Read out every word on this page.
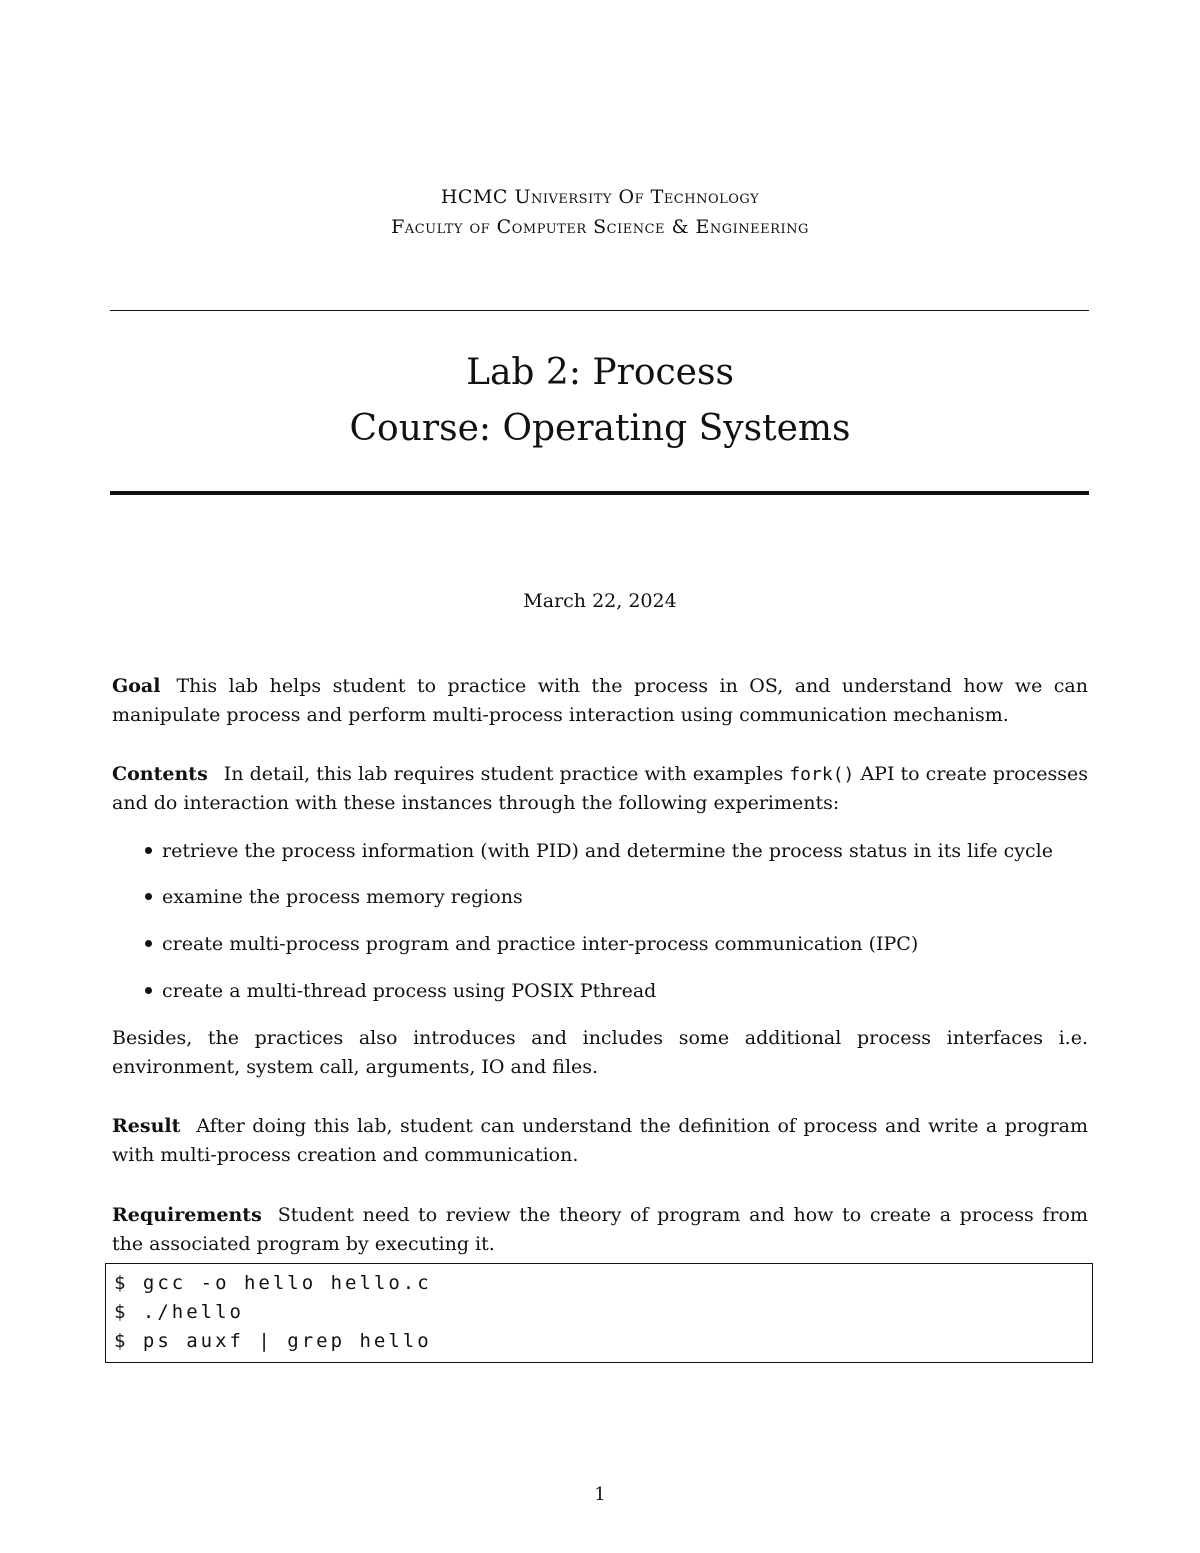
HCMC University Of Technology
Faculty of Computer Science & Engineering
Lab 2: Process
Course: Operating Systems
March 22, 2024
Goal This lab helps student to practice with the process in OS, and understand how we can manipulate process and perform multi-process interaction using communication mechanism.
Contents In detail, this lab requires student practice with examples fork() API to create processes and do interaction with these instances through the following experiments:
retrieve the process information (with PID) and determine the process status in its life cycle
examine the process memory regions
create multi-process program and practice inter-process communication (IPC)
create a multi-thread process using POSIX Pthread
Besides, the practices also introduces and includes some additional process interfaces i.e. environment, system call, arguments, IO and files.
Result After doing this lab, student can understand the definition of process and write a program with multi-process creation and communication.
Requirements Student need to review the theory of program and how to create a process from the associated program by executing it.
$ gcc -o hello hello.c
$ ./hello
$ ps auxf | grep hello
1
